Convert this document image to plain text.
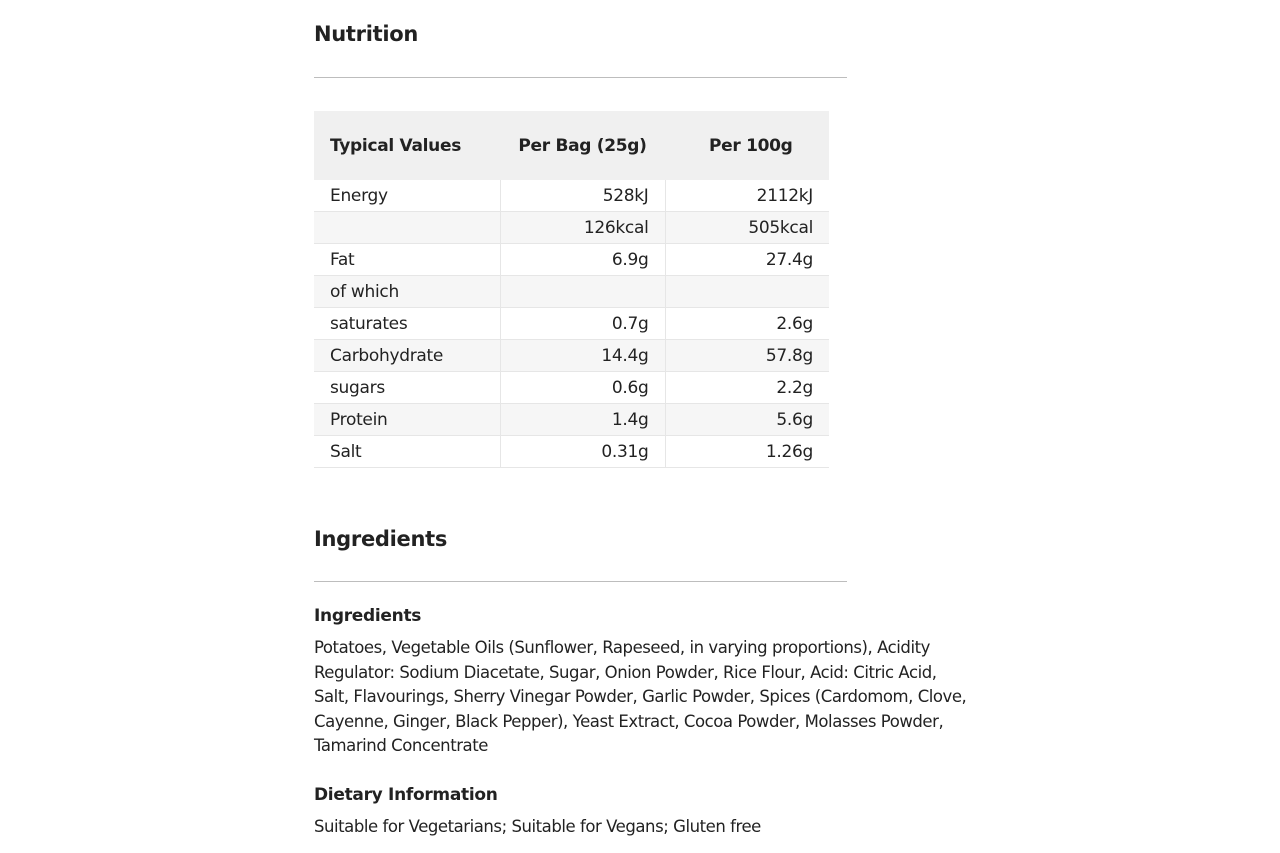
Nutrition
Typical Values	Per Bag (25g)	Per 100g
Energy	528kJ	2112kJ
	126kcal	505kcal
Fat	6.9g	27.4g
of which		
saturates	0.7g	2.6g
Carbohydrate	14.4g	57.8g
sugars	0.6g	2.2g
Protein	1.4g	5.6g
Salt	0.31g	1.26g
Ingredients
Ingredients

Potatoes, Vegetable Oils (Sunflower, Rapeseed, in varying proportions), Acidity Regulator: Sodium Diacetate, Sugar, Onion Powder, Rice Flour, Acid: Citric Acid, Salt, Flavourings, Sherry Vinegar Powder, Garlic Powder, Spices (Cardomom, Clove, Cayenne, Ginger, Black Pepper), Yeast Extract, Cocoa Powder, Molasses Powder, Tamarind Concentrate

Dietary Information

Suitable for Vegetarians; Suitable for Vegans; Gluten free
